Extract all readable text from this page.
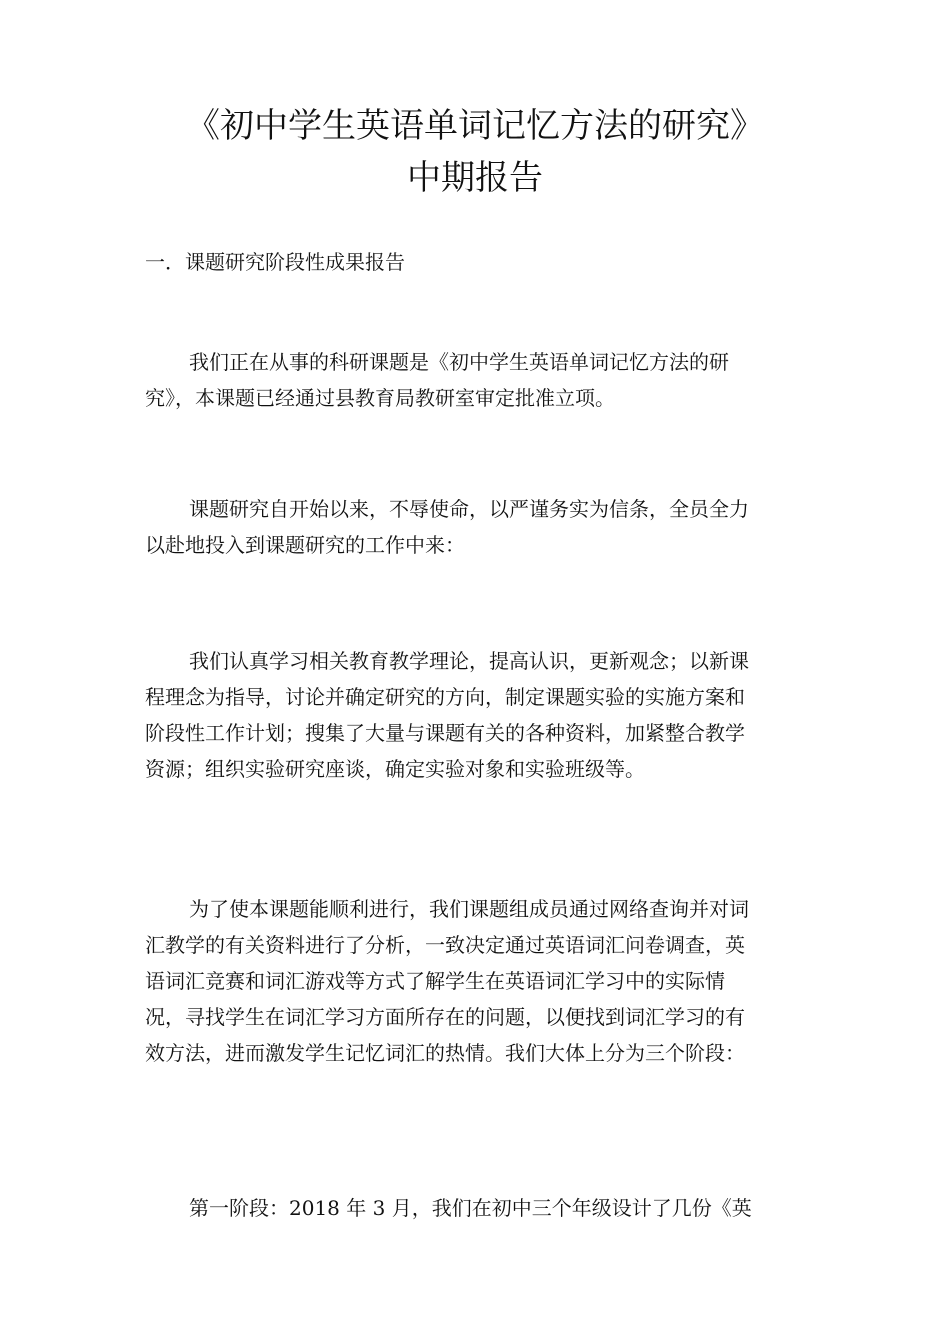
《初中学生英语单词记忆方法的研究》
中期报告
一．课题研究阶段性成果报告
我们正在从事的科研课题是《初中学生英语单词记忆方法的研
究》，本课题已经通过县教育局教研室审定批准立项。
课题研究自开始以来，不辱使命，以严谨务实为信条，全员全力
以赴地投入到课题研究的工作中来：
我们认真学习相关教育教学理论，提高认识，更新观念；以新课
程理念为指导，讨论并确定研究的方向，制定课题实验的实施方案和
阶段性工作计划；搜集了大量与课题有关的各种资料，加紧整合教学
资源；组织实验研究座谈，确定实验对象和实验班级等。
为了使本课题能顺利进行，我们课题组成员通过网络查询并对词
汇教学的有关资料进行了分析，一致决定通过英语词汇问卷调查，英
语词汇竞赛和词汇游戏等方式了解学生在英语词汇学习中的实际情
况，寻找学生在词汇学习方面所存在的问题，以便找到词汇学习的有
效方法，进而激发学生记忆词汇的热情。我们大体上分为三个阶段：
第一阶段：2018 年 3 月，我们在初中三个年级设计了几份《英
